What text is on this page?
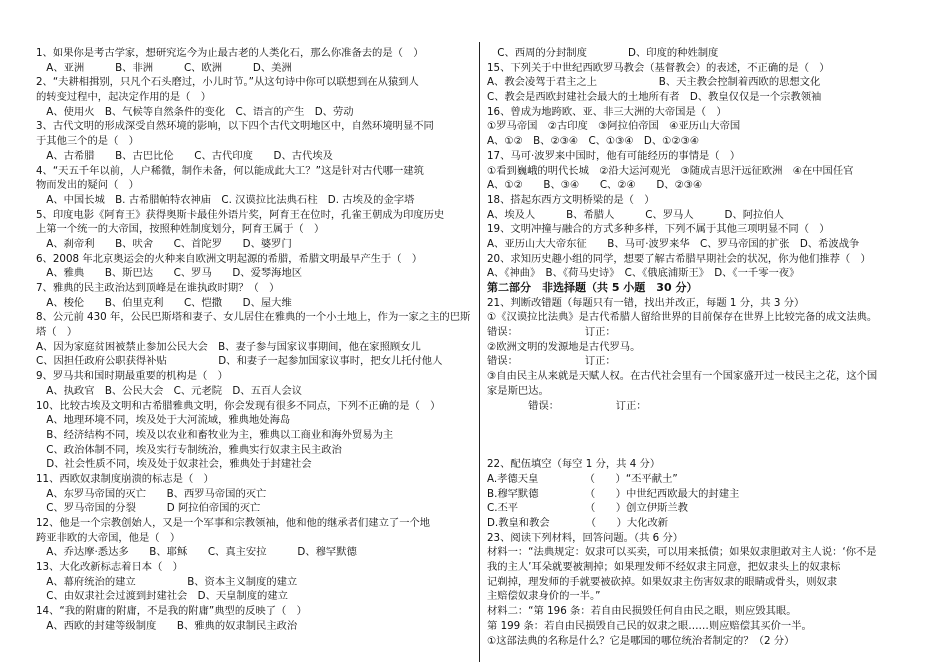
1、如果你是考古学家，想研究迄今为止最古老的人类化石，那么你准备去的是（　）
　A、亚洲　　　B、非洲　　　C、欧洲　　　D、美洲
2、“夫耕相揖别，只凡个石头磨过，小儿时节。”从这句诗中你可以联想到在从猿到人
的转变过程中，起决定作用的是（　）
　A、使用火　B、气候等自然条件的变化　C、语言的产生　D、劳动
3、古代文明的形成深受自然环境的影响，以下四个古代文明地区中，自然环境明显不同
于其他三个的是（　）
　A、古希腊　　B、古巴比伦　　C、古代印度　　D、古代埃及
4、“天五千年以前，人户稀微，制作未备，何以能成此大工？”这是针对古代哪一建筑
物而发出的疑问（　）
　A、中国长城　B. 古希腊帕特农神庙　C. 汉谟拉比法典石柱　D. 古埃及的金字塔
5、印度电影《阿育王》获得奥斯卡最佳外语片奖，阿育王在位时，孔雀王朝成为印度历史
上第一个统一的大帝国，按照种姓制度划分，阿育王属于（　）
　A、刹帝利　　B、吠舍　　C、首陀罗　　D、婆罗门
6、2008 年北京奥运会的火种来自欧洲文明起源的希腊，希腊文明最早产生于（　）
　A、雅典　　B、斯巴达　　C、罗马　　D、爱琴海地区
7、雅典的民主政治达到顶峰是在谁执政时期？（　）
　A、梭伦　　B、伯里克利　　C、恺撒　　D、屋大维
8、公元前 430 年，公民巴斯塔和妻子、女儿居住在雅典的一个小土地上，作为一家之主的巴斯
塔（　）
A、因为家庭贫困被禁止参加公民大会　B、妻子参与国家议事期间，他在家照顾女儿
C、因担任政府公职获得补贴　　　　　D、和妻子一起参加国家议事时，把女儿托付他人
9、罗马共和国时期最重要的机构是（　）
　A、执政官　B、公民大会　C、元老院　D、五百人会议
10、比较古埃及文明和古希腊雅典文明，你会发现有很多不同点，下列不正确的是（　）
　A、地理环境不同，埃及处于大河流域，雅典地处海岛
　B、经济结构不同，埃及以农业和畜牧业为主，雅典以工商业和海外贸易为主
　C、政治体制不同，埃及实行专制统治，雅典实行奴隶主民主政治
　D、社会性质不同，埃及处于奴隶社会，雅典处于封建社会
11、西欧奴隶制度崩溃的标志是（　）
　A、东罗马帝国的灭亡　　B、西罗马帝国的灭亡
　C、罗马帝国的分裂　　　D 阿拉伯帝国的灭亡
12、他是一个宗教创始人，又是一个军事和宗教领袖，他和他的继承者们建立了一个地
跨亚非欧的大帝国，他是（　）
　A、乔达摩·悉达多　　B、耶稣　　C、真主安拉　　　D、穆罕默德
13、大化改新标志着日本（　）
　A、幕府统治的建立　　　　　B、资本主义制度的建立
　C、由奴隶社会过渡到封建社会　D、天皇制度的建立
14、“我的附庸的附庸，不是我的附庸”典型的反映了（　）
　A、西欧的封建等级制度　　B、雅典的奴隶制民主政治
　C、西周的分封制度　　　　D、印度的种姓制度
15、下列关于中世纪西欧罗马教会（基督教会）的表述，不正确的是（　）
A、教会凌驾于君主之上　　　　　　B、天主教会控制着西欧的思想文化
C、教会是西欧封建社会最大的土地所有者　D、教皇仅仅是一个宗教领袖
16、曾成为地跨欧、亚、非三大洲的大帝国是（　）
①罗马帝国　②古印度　③阿拉伯帝国　④亚历山大帝国
A、①②　B、②③④　C、①③④　D、①②③④
17、马可·波罗来中国时，他有可能经历的事情是（　）
①看到巍峨的明代长城　②沿大运河观光　③随成吉思汗远征欧洲　④在中国任官
A、①②　　B、③④　　C、②④　　D、②③④
18、搭起东西方文明桥梁的是（　）
A、埃及人　　　B、希腊人　　　C、罗马人　　　D、阿拉伯人
19、文明冲撞与融合的方式多种多样，下列不属于其他三项明显不同（　）
A、亚历山大大帝东征　　B、马可·波罗来华　C、罗马帝国的扩张　D、希波战争
20、求知历史趣小组的同学，想要了解古希腊早期社会的状况，你为他们推荐（　）
A、《神曲》　B、《荷马史诗》　C、《俄底浦斯王》　D、《一千零一夜》
第二部分　非选择题（共 5 小题　30 分）
21、判断改错题（每题只有一错，找出并改正，每题 1 分，共 3 分）
①《汉谟拉比法典》是古代希腊人留给世界的目前保存在世界上比较完备的成文法典。
错误：　　　　　　　订正：
②欧洲文明的发源地是古代罗马。
错误：　　　　　　　订正：
③自由民主从来就是天赋人权。在古代社会里有一个国家盛开过一枝民主之花，这个国
家是斯巴达。
　　　　错误：　　　　　　订正：
22、配伍填空（每空 1 分，共 4 分）
A.孝德天皇　　　　　（　　）“丕平献土”
B.穆罕默德　　　　　（　　）中世纪西欧最大的封建主
C.丕平　　　　　　　（　　）创立伊斯兰教
D.教皇和教会　　　　（　　）大化改新
23、阅读下列材料，回答问题。（共 6 分）
材料一：“法典规定：奴隶可以买卖，可以用来抵债；如果奴隶胆敢对主人说：‘你不是
我的主人’耳朵就要被割掉；如果理发师不经奴隶主同意，把奴隶头上的奴隶标
记剃掉，理发师的手就要被砍掉。如果奴隶主伤害奴隶的眼睛或骨头，则奴隶
主赔偿奴隶身价的一半。”
材料二：“第 196 条：若自由民损毁任何自由民之眼，则应毁其眼。
第 199 条：若自由民损毁自己民的奴隶之眼……则应赔偿其买价一半。
①这部法典的名称是什么？它是哪国的哪位统治者制定的？（2 分）
